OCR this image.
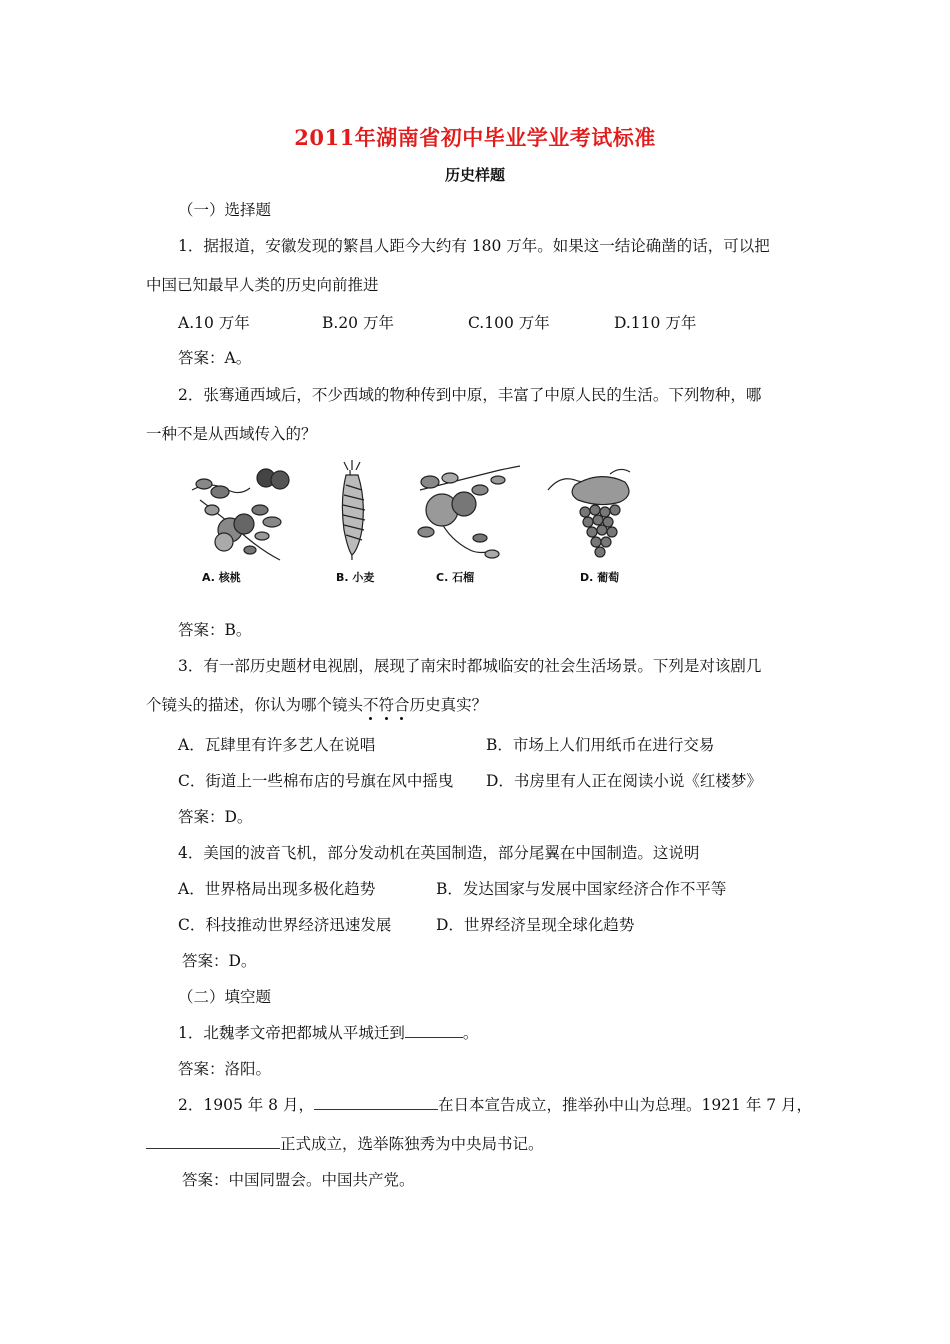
2011年湖南省初中毕业学业考试标准
历史样题
（一）选择题
1．据报道，安徽发现的繁昌人距今大约有 180 万年。如果这一结论确凿的话，可以把
中国已知最早人类的历史向前推进
A.10 万年	B.20 万年	C.100 万年	D.110 万年
答案：A。
2．张骞通西域后，不少西域的物种传到中原，丰富了中原人民的生活。下列物种，哪
一种不是从西域传入的？
A. 核桃	B. 小麦	C. 石榴	D. 葡萄
答案：B。
3．有一部历史题材电视剧，展现了南宋时都城临安的社会生活场景。下列是对该剧几
个镜头的描述，你认为哪个镜头不符合历史真实？
A．瓦肆里有许多艺人在说唱	B．市场上人们用纸币在进行交易
C．街道上一些棉布店的号旗在风中摇曳 D．书房里有人正在阅读小说《红楼梦》
答案：D。
4．美国的波音飞机，部分发动机在英国制造，部分尾翼在中国制造。这说明
A．世界格局出现多极化趋势	B．发达国家与发展中国家经济合作不平等
C．科技推动世界经济迅速发展	D．世界经济呈现全球化趋势
答案：D。
（二）填空题
1．北魏孝文帝把都城从平城迁到	。
答案：洛阳。
2．1905 年 8 月，	在日本宣告成立，推举孙中山为总理。1921 年 7 月，
正式成立，选举陈独秀为中央局书记。
答案：中国同盟会。中国共产党。
